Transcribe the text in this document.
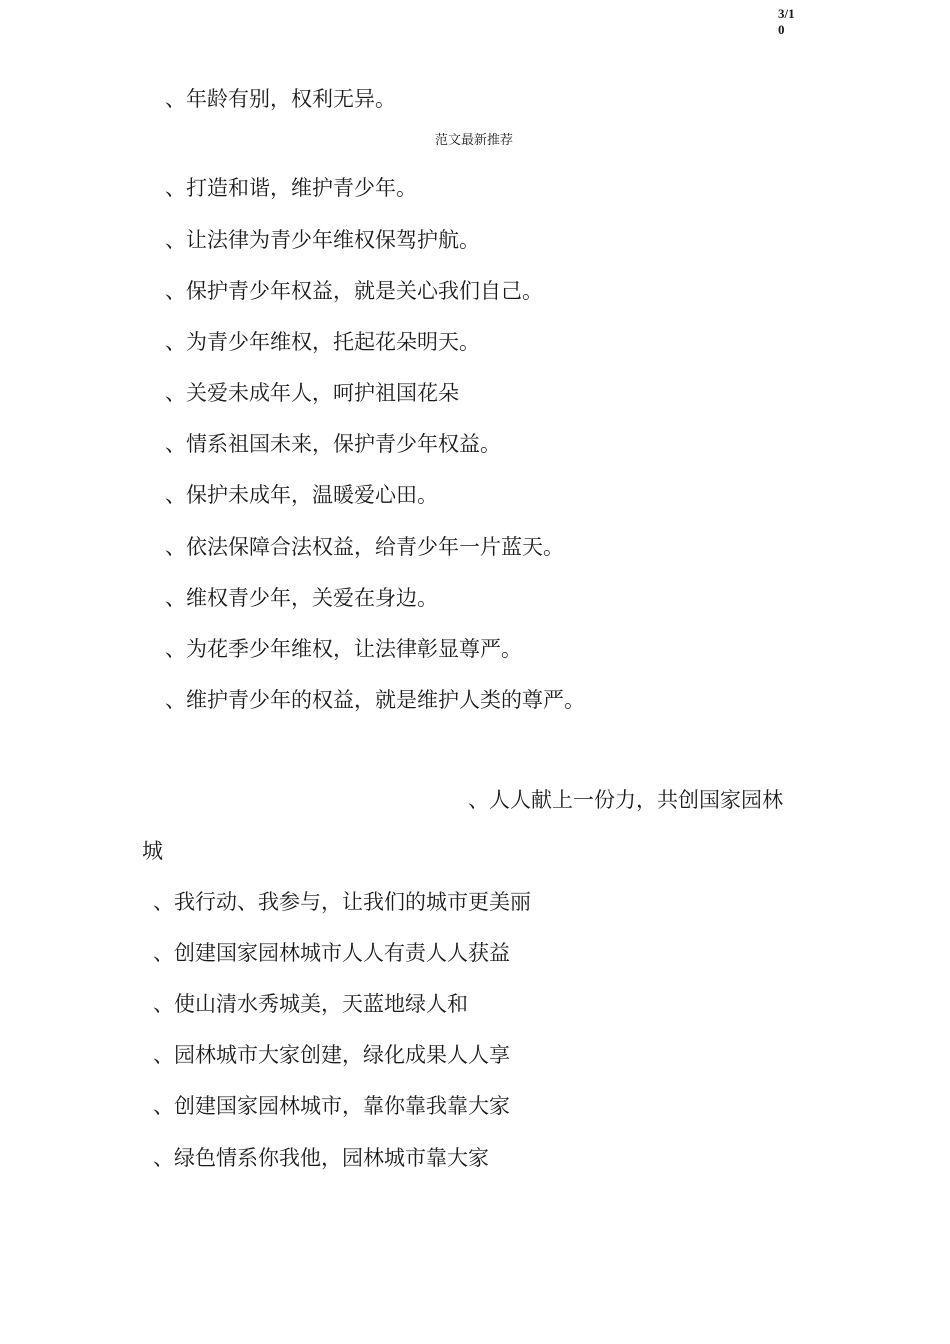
3/10
、年龄有别，权利无异。
范文最新推荐
、打造和谐，维护青少年。
、让法律为青少年维权保驾护航。
、保护青少年权益，就是关心我们自己。
、为青少年维权，托起花朵明天。
、关爱未成年人，呵护祖国花朵
、情系祖国未来，保护青少年权益。
、保护未成年，温暖爱心田。
、依法保障合法权益，给青少年一片蓝天。
、维权青少年，关爱在身边。
、为花季少年维权，让法律彰显尊严。
、维护青少年的权益，就是维护人类的尊严。
、人人献上一份力，共创国家园林
城
、我行动、我参与，让我们的城市更美丽
、创建国家园林城市人人有责人人获益
、使山清水秀城美，天蓝地绿人和
、园林城市大家创建，绿化成果人人享
、创建国家园林城市，靠你靠我靠大家
、绿色情系你我他，园林城市靠大家
